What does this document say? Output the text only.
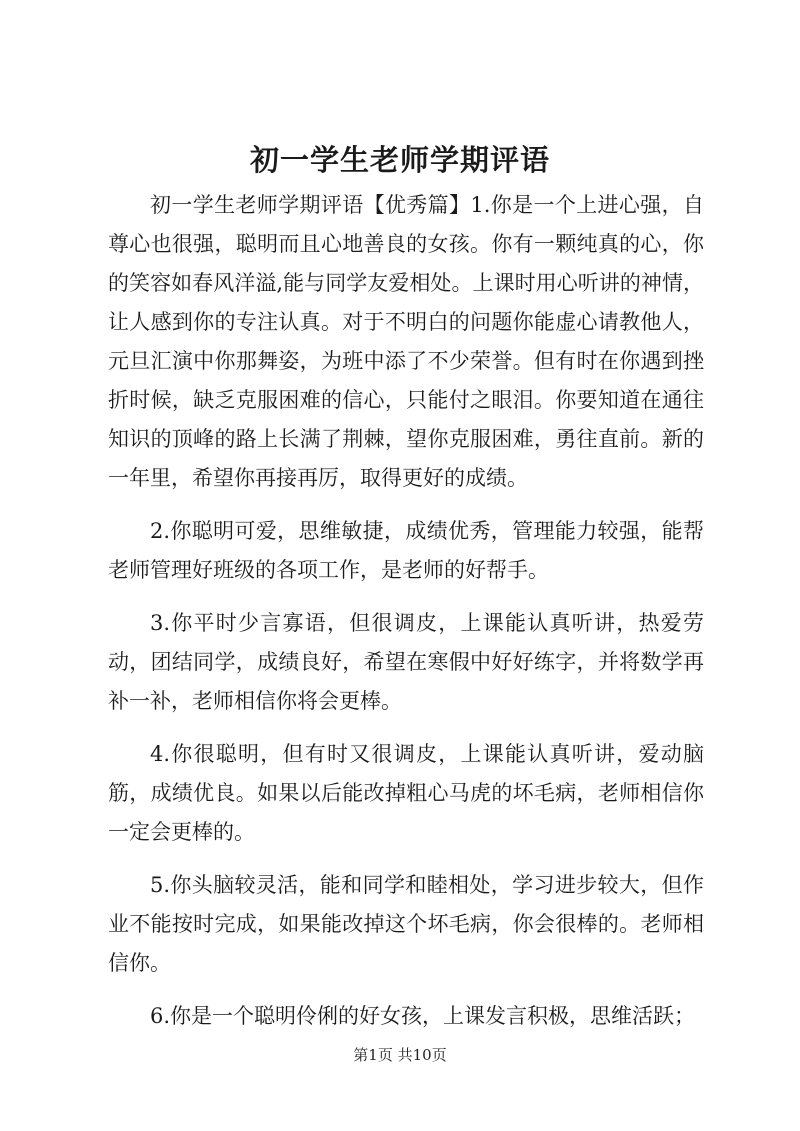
初一学生老师学期评语

初一学生老师学期评语【优秀篇】1.你是一个上进心强，自尊心也很强，聪明而且心地善良的女孩。你有一颗纯真的心，你的笑容如春风洋溢,能与同学友爱相处。上课时用心听讲的神情，让人感到你的专注认真。对于不明白的问题你能虚心请教他人，元旦汇演中你那舞姿，为班中添了不少荣誉。但有时在你遇到挫折时候，缺乏克服困难的信心，只能付之眼泪。你要知道在通往知识的顶峰的路上长满了荆棘，望你克服困难，勇往直前。新的一年里，希望你再接再厉，取得更好的成绩。

2.你聪明可爱，思维敏捷，成绩优秀，管理能力较强，能帮老师管理好班级的各项工作，是老师的好帮手。

3.你平时少言寡语，但很调皮，上课能认真听讲，热爱劳动，团结同学，成绩良好，希望在寒假中好好练字，并将数学再补一补，老师相信你将会更棒。

4.你很聪明，但有时又很调皮，上课能认真听讲，爱动脑筋，成绩优良。如果以后能改掉粗心马虎的坏毛病，老师相信你一定会更棒的。

5.你头脑较灵活，能和同学和睦相处，学习进步较大，但作业不能按时完成，如果能改掉这个坏毛病，你会很棒的。老师相信你。

6.你是一个聪明伶俐的好女孩，上课发言积极，思维活跃；

第1页 共10页
